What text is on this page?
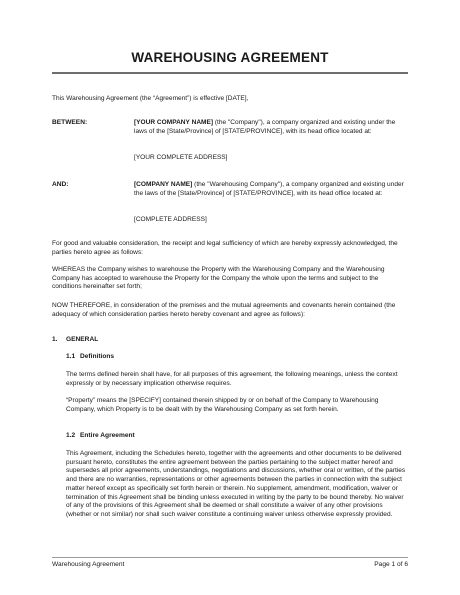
WAREHOUSING AGREEMENT

This Warehousing Agreement (the “Agreement”) is effective [DATE],

BETWEEN:	[YOUR COMPANY NAME] (the "Company"), a company organized and existing under the laws of the [State/Province] of [STATE/PROVINCE], with its head office located at:

[YOUR COMPLETE ADDRESS]

AND:	[COMPANY NAME] (the "Warehousing Company"), a company organized and existing under the laws of the [State/Province] of [STATE/PROVINCE], with its head office located at:

[COMPLETE ADDRESS]

For good and valuable consideration, the receipt and legal sufficiency of which are hereby expressly acknowledged, the parties hereto agree as follows:

WHEREAS the Company wishes to warehouse the Property with the Warehousing Company and the Warehousing Company has accepted to warehouse the Property for the Company the whole upon the terms and subject to the conditions hereinafter set forth;

NOW THEREFORE, in consideration of the premises and the mutual agreements and covenants herein contained (the adequacy of which consideration parties hereto hereby covenant and agree as follows):

1. GENERAL
1.1 Definitions

The terms defined herein shall have, for all purposes of this agreement, the following meanings, unless the context expressly or by necessary implication otherwise requires.

“Property” means the [SPECIFY] contained therein shipped by or on behalf of the Company to Warehousing Company, which Property is to be dealt with by the Warehousing Company as set forth herein.

1.2 Entire Agreement

This Agreement, including the Schedules hereto, together with the agreements and other documents to be delivered pursuant hereto, constitutes the entire agreement between the parties pertaining to the subject matter hereof and supersedes all prior agreements, understandings, negotiations and discussions, whether oral or written, of the parties and there are no warranties, representations or other agreements between the parties in connection with the subject matter hereof except as specifically set forth herein or therein. No supplement, amendment, modification, waiver or termination of this Agreement shall be binding unless executed in writing by the party to be bound thereby. No waiver of any of the provisions of this Agreement shall be deemed or shall constitute a waiver of any other provisions (whether or not similar) nor shall such waiver constitute a continuing waiver unless otherwise expressly provided.

Warehousing Agreement	Page 1 of 6
